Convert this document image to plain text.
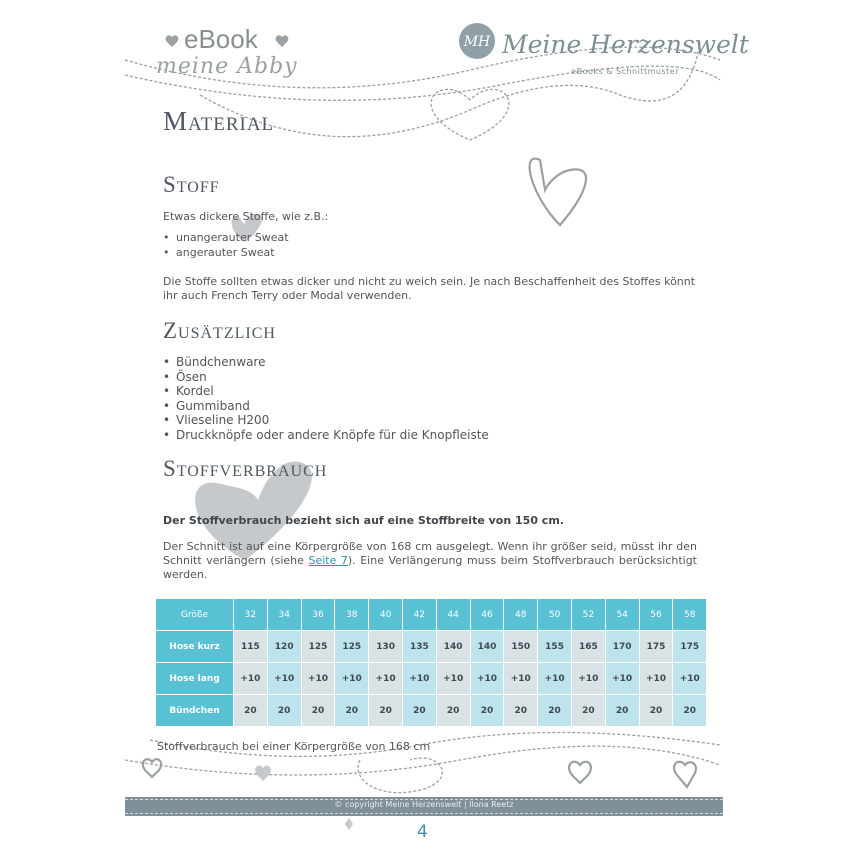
MH
eBook
meine Abby
Meine Herzenswelt
eBooks & Schnittmuster
Material
Stoff
Etwas dickere Stoffe, wie z.B.:
• unangerauter Sweat
• angerauter Sweat
Die Stoffe sollten etwas dicker und nicht zu weich sein. Je nach Beschaffenheit des Stoffes könnt ihr auch French Terry oder Modal verwenden.
Zusätzlich
• Bündchenware
• Ösen
• Kordel
• Gummiband
• Vlieseline H200
• Druckknöpfe oder andere Knöpfe für die Knopfleiste
Stoffverbrauch
Der Stoffverbrauch bezieht sich auf eine Stoffbreite von 150 cm.
Der Schnitt ist auf eine Körpergröße von 168 cm ausgelegt. Wenn ihr größer seid, müsst ihr den Schnitt verlängern (siehe Seite 7). Eine Verlängerung muss beim Stoffverbrauch berücksichtigt werden.
Größe	32	34	36	38	40	42	44	46	48	50	52	54	56	58
Hose kurz	115	120	125	125	130	135	140	140	150	155	165	170	175	175
Hose lang	+10	+10	+10	+10	+10	+10	+10	+10	+10	+10	+10	+10	+10	+10
Bündchen	20	20	20	20	20	20	20	20	20	20	20	20	20	20
Stoffverbrauch bei einer Körpergröße von 168 cm
© copyright Meine Herzenswelt | Ilona Reetz
4
